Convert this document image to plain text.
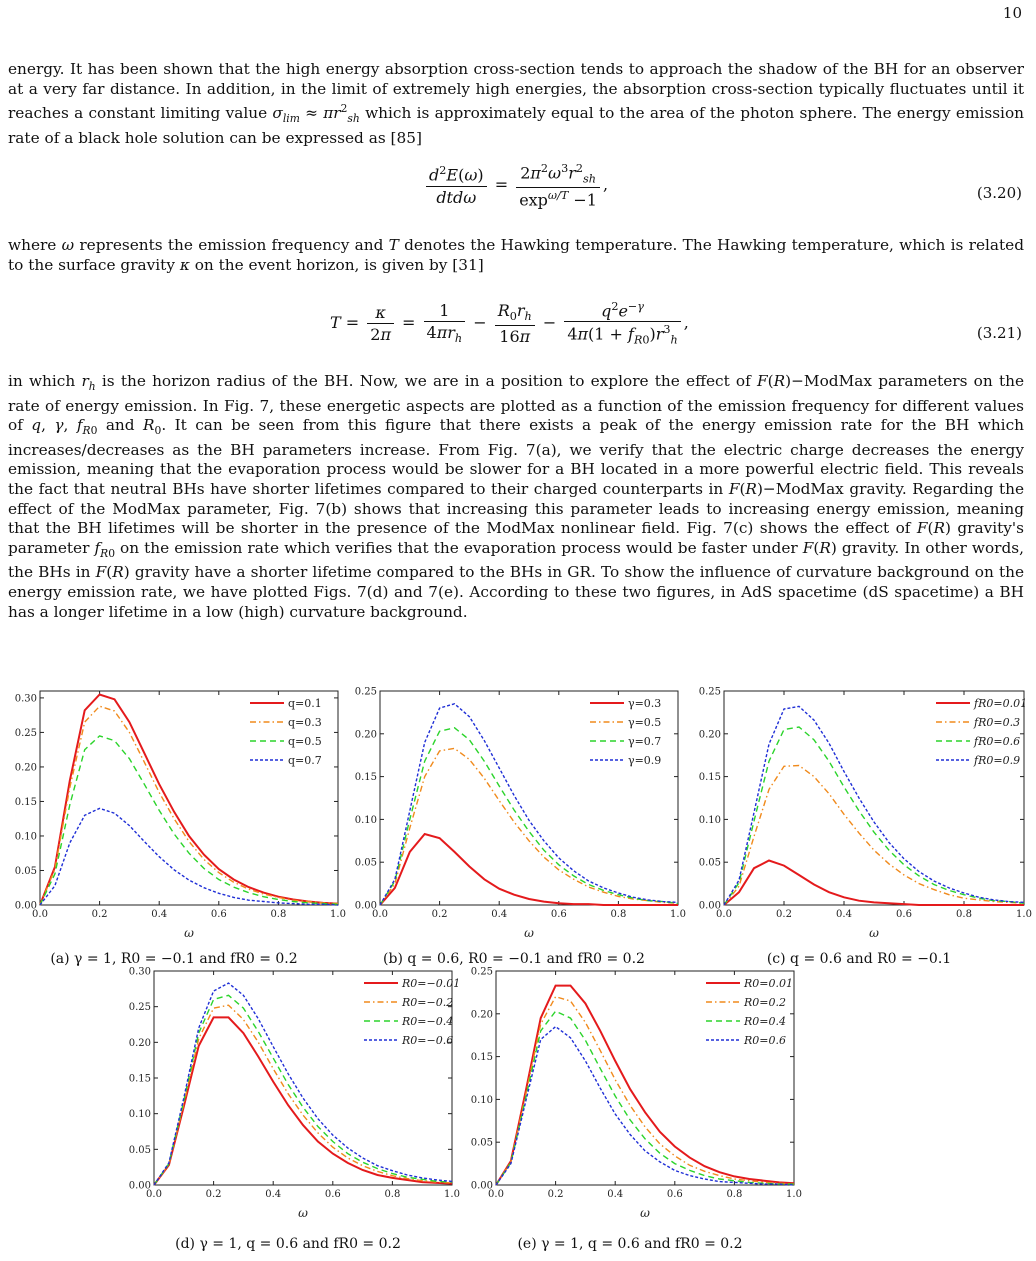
10
energy. It has been shown that the high energy absorption cross-section tends to approach the shadow of the BH for an observer at a very far distance. In addition, in the limit of extremely high energies, the absorption cross-section typically fluctuates until it reaches a constant limiting value $\sigma_{lim} \approx \pi r^2_{sh}$ which is approximately equal to the area of the photon sphere. The energy emission rate of a black hole solution can be expressed as [85]
$\frac{d^2E(\omega)}{\text{dtdω}} = \frac{2\pi^2\omega^3r^2_{sh}}{\exp^{\omega/T} -1}$ ,	(3.20)
where ω represents the emission frequency and T denotes the Hawking temperature. The Hawking temperature, which is related to the surface gravity κ on the event horizon, is given by [31]
$T = \frac{\kappa}{2\pi} = \frac{1}{4\pi r_h} - \frac{R_0r_h}{16\pi} - \frac{q^2e^{-\gamma}}{4\pi(1 + f_{R0})r^3_h}$ ,
(3.21)
in which $r_h$ is the horizon radius of the BH. Now, we are in a position to explore the effect of F(R)−ModMax parameters on the rate of energy emission. In Fig. 7, these energetic aspects are plotted as a function of the emission frequency for different values of q, γ, $f_{R0}$ and $R_0$. It can be seen from this figure that there exists a peak of the energy emission rate for the BH which increases/decreases as the BH parameters increase. From Fig. 7(a), we verify that the electric charge decreases the energy emission, meaning that the evaporation process would be slower for a BH located in a more powerful electric field. This reveals the fact that neutral BHs have shorter lifetimes compared to their charged counterparts in F(R)−ModMax gravity. Regarding the effect of the ModMax parameter, Fig. 7(b) shows that increasing this parameter leads to increasing energy emission, meaning that the BH lifetimes will be shorter in the presence of the ModMax nonlinear field. Fig. 7(c) shows the effect of F(R) gravity's parameter $f_{R0}$ on the emission rate which verifies that the evaporation process would be faster under F(R) gravity. In other words, the BHs in F(R) gravity have a shorter lifetime compared to the BHs in GR. To show the influence of curvature background on the energy emission rate, we have plotted Figs. 7(d) and 7(e). According to these two figures, in AdS spacetime (dS spacetime) a BH has a longer lifetime in a low (high) curvature background.
0.0	0.2	0.4	0.6	0.8	1.0
0.00
0.05
0.10
0.15
0.20
0.25
0.30
ω
q=0.1
q=0.3
q=0.5
q=0.7
0.0	0.2	0.4	0.6	0.8	1.0
0.00
0.05
0.10
0.15
0.20
0.25
ω
γ=0.3
γ=0.5
γ=0.7
γ=0.9
0.0	0.2	0.4	0.6	0.8	1.0
0.00
0.05
0.10
0.15
0.20
0.25
ω
fR0=0.01
fR0=0.3
fR0=0.6
fR0=0.9
0.0	0.2	0.4	0.6	0.8	1.0
0.00
0.05
0.10
0.15
0.20
0.25
0.30
ω
R0=−0.01
R0=−0.2
R0=−0.4
R0=−0.6
0.0	0.2	0.4	0.6	0.8	1.0
0.00
0.05
0.10
0.15
0.20
0.25
ω
R0=0.01
R0=0.2
R0=0.4
R0=0.6
(a) γ = 1, R0 = −0.1 and fR0 = 0.2	(b) q = 0.6, R0 = −0.1 and fR0 = 0.2	(c) q = 0.6 and R0 = −0.1
(d) γ = 1, q = 0.6 and fR0 = 0.2	(e) γ = 1, q = 0.6 and fR0 = 0.2
